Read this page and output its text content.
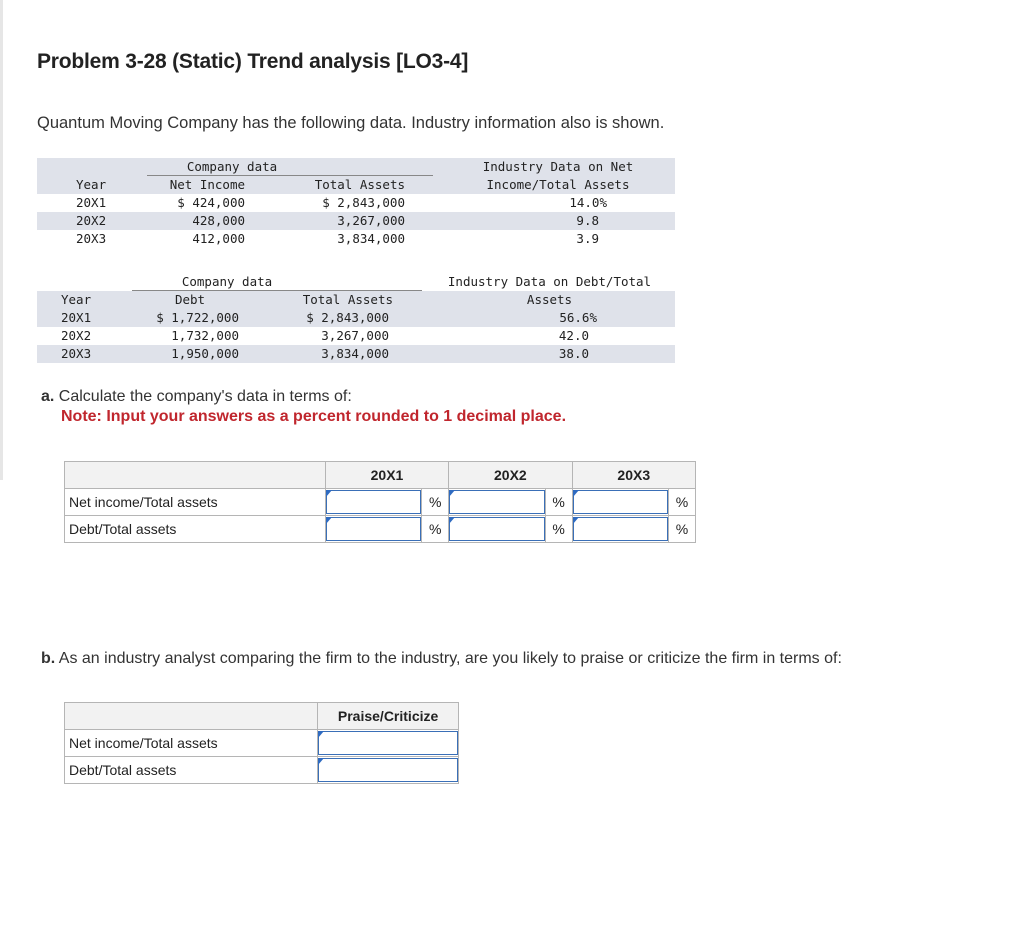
Problem 3-28 (Static) Trend analysis [LO3-4]
Quantum Moving Company has the following data. Industry information also is shown.
Company data	Industry Data on Net
Year	Net Income	Total Assets	Income/Total Assets
20X1	$ 424,000	$ 2,843,000	14.0%
20X2	428,000	3,267,000	9.8
20X3	412,000	3,834,000	3.9
Company data	Industry Data on Debt/Total
Year	Debt	Total Assets	Assets
20X1	$ 1,722,000	$ 2,843,000	56.6%
20X2	1,732,000	3,267,000	42.0
20X3	1,950,000	3,834,000	38.0
a. Calculate the company's data in terms of:
Note: Input your answers as a percent rounded to 1 decimal place.
	20X1		20X2		20X3	
Net income/Total assets		%		%		%
Debt/Total assets		%		%		%
b. As an industry analyst comparing the firm to the industry, are you likely to praise or criticize the firm in terms of:
	Praise/Criticize
Net income/Total assets	

Debt/Total assets	
